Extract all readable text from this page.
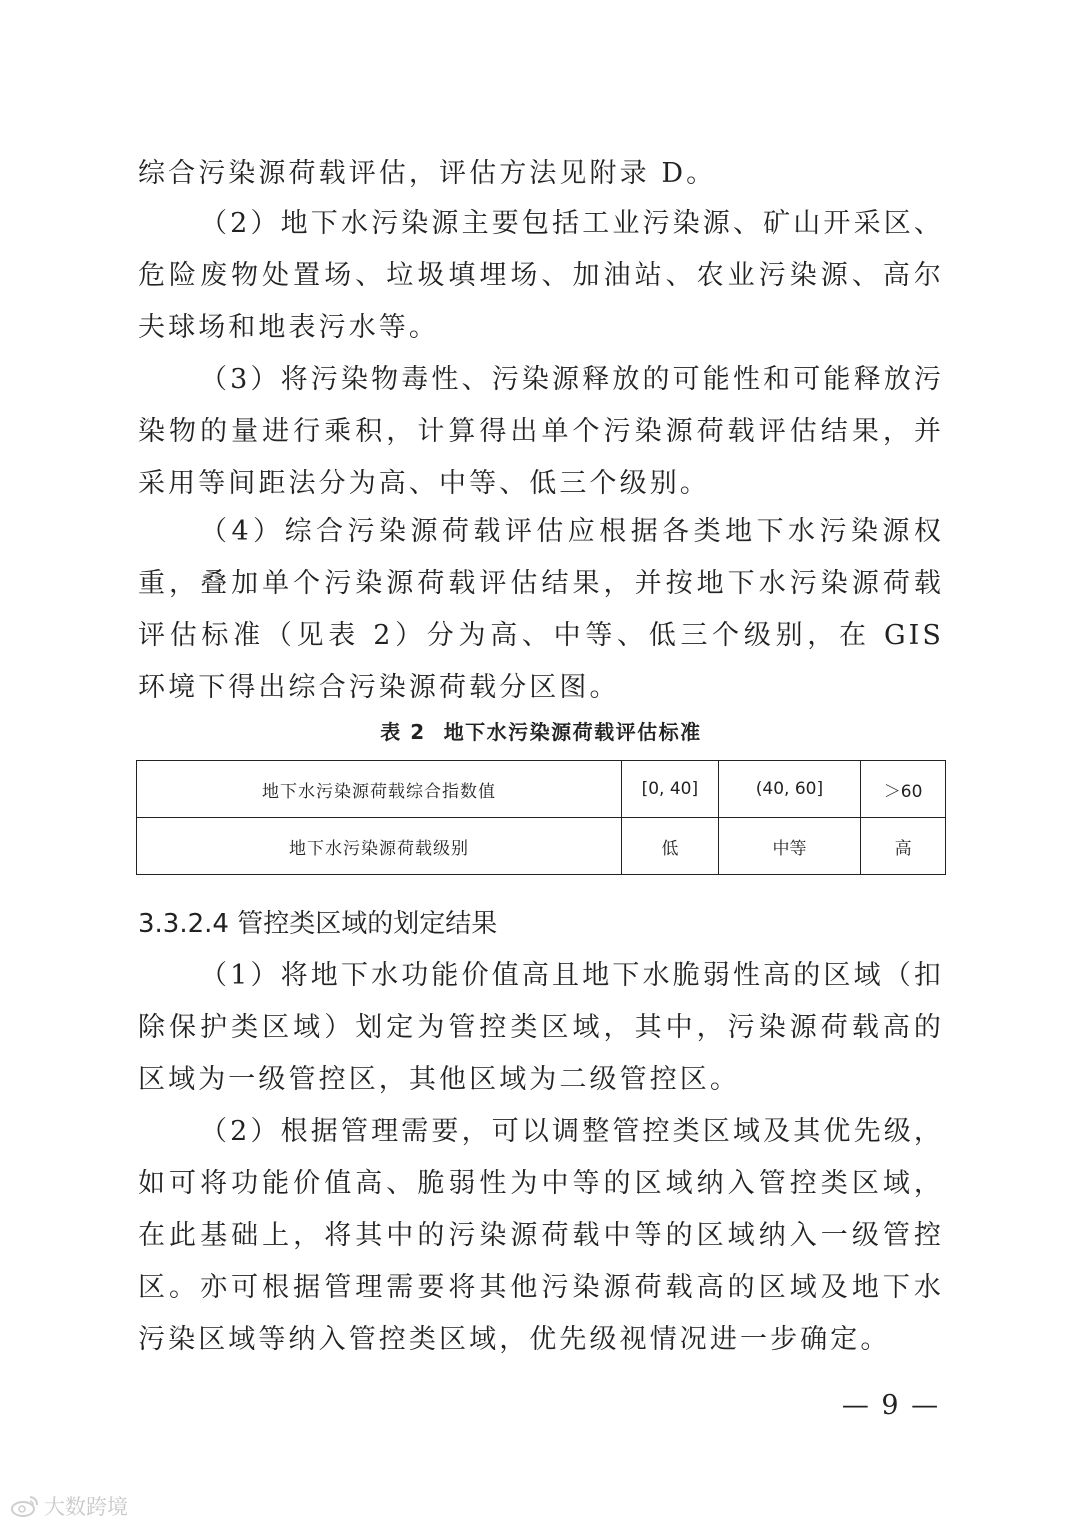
综合污染源荷载评估，评估方法见附录 D。

（2）地下水污染源主要包括工业污染源、矿山开采区、危险废物处置场、垃圾填埋场、加油站、农业污染源、高尔夫球场和地表污水等。

（3）将污染物毒性、污染源释放的可能性和可能释放污染物的量进行乘积，计算得出单个污染源荷载评估结果，并采用等间距法分为高、中等、低三个级别。

（4）综合污染源荷载评估应根据各类地下水污染源权重，叠加单个污染源荷载评估结果，并按地下水污染源荷载评估标准（见表 2）分为高、中等、低三个级别，在 GIS 环境下得出综合污染源荷载分区图。

表 2 地下水污染源荷载评估标准
地下水污染源荷载综合指数值	[0, 40]	(40, 60]	＞60
地下水污染源荷载级别	低	中等	高
3.3.2.4 管控类区域的划定结果

（1）将地下水功能价值高且地下水脆弱性高的区域（扣除保护类区域）划定为管控类区域，其中，污染源荷载高的区域为一级管控区，其他区域为二级管控区。

（2）根据管理需要，可以调整管控类区域及其优先级，如可将功能价值高、脆弱性为中等的区域纳入管控类区域，在此基础上，将其中的污染源荷载中等的区域纳入一级管控区。亦可根据管理需要将其他污染源荷载高的区域及地下水污染区域等纳入管控类区域，优先级视情况进一步确定。

— 9 —
大数跨境
